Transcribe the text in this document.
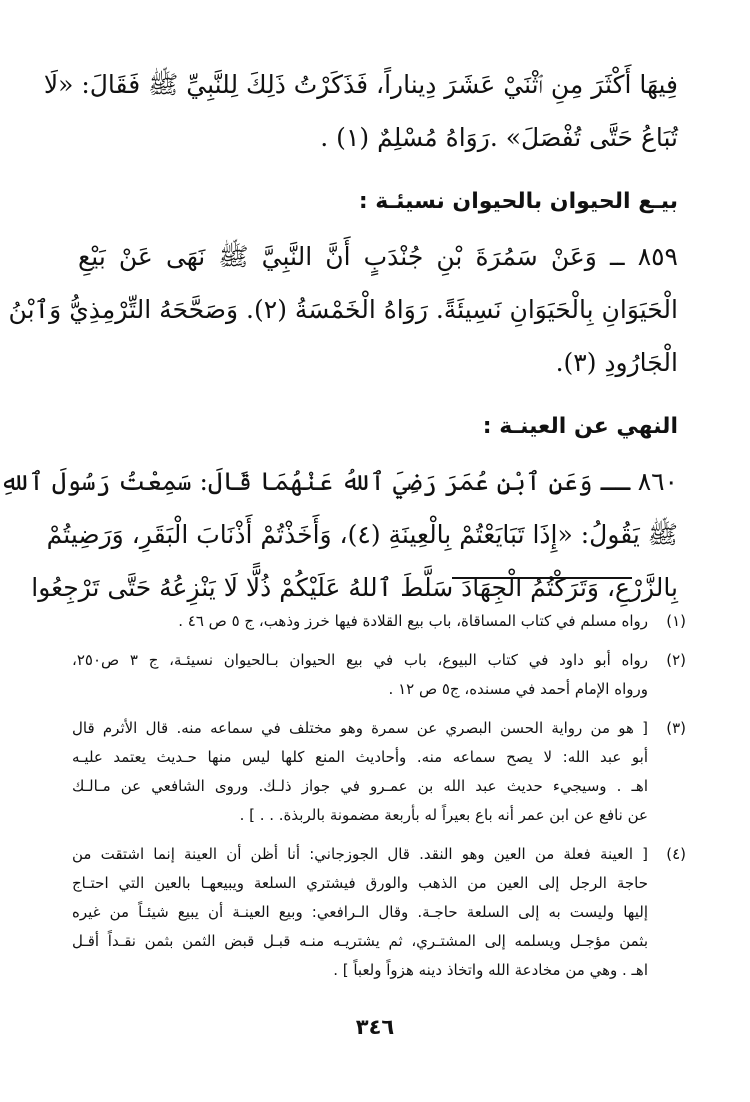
فِيهَا أَكْثَرَ مِنِ ٱثْنَيْ عَشَرَ دِيناراً، فَذَكَرْتُ ذَلِكَ لِلنَّبِيِّ ﷺ فَقَالَ: «لَا
تُبَاعُ حَتَّى تُفْصَلَ» .رَوَاهُ مُسْلِمٌ (١) .
بيـع الحيوان بالحيوان نسيئـة :
٨٥٩ ــ وَعَنْ سَمُرَةَ بْنِ جُنْدَبٍ أَنَّ النَّبِيَّ ﷺ نَهَى عَنْ بَيْعِ
الْحَيَوَانِ بِالْحَيَوَانِ نَسِيئَةً. رَوَاهُ الْخَمْسَةُ (٢). وَصَحَّحَهُ التِّرْمِذِيُّ وَٱبْنُ
الْجَارُودِ (٣).
النهي عن العينـة :
٨٦٠ ــ وَعَنِ ٱبْنِ عُمَرَ رَضِيَ ٱللهُ عَنْهُمَا قَالَ: سَمِعْتُ رَسُولَ ٱللهِ
ﷺ يَقُولُ: «إِذَا تَبَايَعْتُمْ بِالْعِينَةِ (٤)، وَأَخَذْتُمْ أَذْنَابَ الْبَقَرِ، وَرَضِيتُمْ
بِالزَّرْعِ، وَتَرَكْتُمُ الْجِهَادَ سَلَّطَ ٱللهُ عَلَيْكُمْ ذُلًّا لَا يَنْزِعُهُ حَتَّى تَرْجِعُوا
(١)
رواه مسلم في كتاب المساقاة، باب بيع القلادة فيها خرز وذهب، ج ٥ ص ٤٦ .
(٢)
رواه أبو داود في كتاب البيوع، باب في بيع الحيوان بـالحيوان نسيئـة، ج ٣ ص٢٥٠،
ورواه الإمام أحمد في مسنده، ج٥ ص ١٢ .
(٣)
[ هو من رواية الحسن البصري عن سمرة وهو مختلف في سماعه منه. قال الأثرم قال
أبو عبد الله: لا يصح سماعه منه. وأحاديث المنع كلها ليس منها حـديث يعتمد عليـه
اهـ . وسيجيء حديث عبد الله بن عمـرو في جواز ذلـك. وروى الشافعي عن مـالـك
عن نافع عن ابن عمر أنه باع بعيراً له بأربعة مضمونة بالربذة. . . ] .
(٤)
[ العينة فعلة من العين وهو النقد. قال الجوزجاني: أنا أظن أن العينة إنما اشتقت من
حاجة الرجل إلى العين من الذهب والورق فيشتري السلعة ويبيعهـا بالعين التي احتـاج
إليها وليست به إلى السلعة حاجـة. وقال الـرافعي: وبيع العينـة أن يبيع شيئـاً من غيره
بثمن مؤجـل ويسلمه إلى المشتـري، ثم يشتريـه منـه قبـل قبض الثمن بثمن نقـداً أقـل
اهـ . وهي من مخادعة الله واتخاذ دينه هزواً ولعباً ] .
٣٤٦
